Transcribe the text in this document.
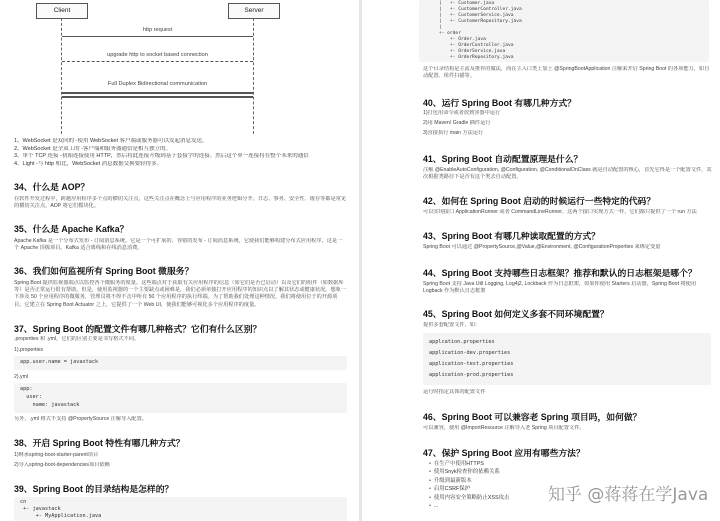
Client	Server
http request
upgrade http to socket based connection
Full Duplex Bidirectional communication
1、WebSocket 是双向的 -使用 WebSocket 客户端或服务器可以发起消息发送。
2、WebSocket 是全双工的 -客户端和服务器通信是相互独立的。
3、单个 TCP 连接 -初始连接使用 HTTP，然后将此连接升级到基于套接字的连接。然后这个单一连接将在整个未来的通信
4、Light -与 http 相比，WebSocket 消息数据交换要轻得多。
34、什么是 AOP？
在软件开发过程中，跨越应用程序多个点的横切关注点，这些关注点在概念上与应用程序的业务逻辑分开。日志、事务、安全性、缓存等都是常见的横切关注点，AOP 将它们模块化。
35、什么是 Apache Kafka？
Apache Kafka 是一个分布式发布 - 订阅消息系统。它是一个可扩展的、容错的发布 - 订阅消息系统，它使我们能够构建分布式应用程序。这是一个 Apache 顶级项目。Kafka 适合离线和在线消息消费。
36、我们如何监视所有 Spring Boot 微服务？
Spring Boot 提供监视器端点以监控各个微服务的度量。这些端点对于获取有关应用程序的信息（如它们是否已启动）以及它们的组件（如数据库等）是否正常运行很有帮助。但是，使用监视器的一个主要缺点或困难是，我们必须单独打开应用程序的知识点以了解其状态或健康状况。想象一下涉及 50 个应用程序的微服务，管理员将不得不击中所有 50 个应用程序的执行终端。为了帮助我们处理这种情况，我们将使用位于的开源项目。它建立在 Spring Boot Actuator 之上，它提供了一个 Web UI，使我们能够可视化多个应用程序的度量。
37、Spring Boot 的配置文件有哪几种格式？它们有什么区别？
.properties 和 .yml，它们的区别主要是书写格式不同。
1).properties
app.user.name = javastack
2).yml
app:
user:
name: javastack
另外，.yml 格式不支持 @PropertySource 注解导入配置。
38、开启 Spring Boot 特性有哪几种方式？
1)继承spring-boot-starter-parent项目
2)导入spring-boot-dependencies项目依赖
39、Spring Boot 的目录结构是怎样的？
cn
+- javastack
+- MyApplication.java
|   +- Customer.java
|   +- CustomerController.java
|   +- CustomerService.java
|   +- CustomerRepository.java
|
+- order
+- Order.java
+- OrderController.java
+- OrderService.java
+- OrderRepository.java
这个目录结构是主流及推荐的做法，而在主入口类上加上 @SpringBootApplication 注解来开启 Spring Boot 的各项能力，如自动配置、组件扫描等。
40、运行 Spring Boot 有哪几种方式？
1)打包用命令或者放到容器中运行
2)用 Maven/ Gradle 插件运行
3)直接执行 main 方法运行
41、Spring Boot 自动配置原理是什么？
注解 @EnableAutoConfiguration, @Configuration, @ConditionalOnClass 就是自动配置的核心，首先它得是一个配置文件，其次根据类路径下是否有这个类去自动配置。
42、如何在 Spring Boot 启动的时候运行一些特定的代码？
可以实现接口 ApplicationRunner 或者 CommandLineRunner，这两个接口实现方式一样，它们都只提供了一个 run 方法
43、Spring Boot 有哪几种读取配置的方式？
Spring Boot 可以通过 @PropertySource,@Value,@Environment, @ConfigurationProperties 来绑定变量
44、Spring Boot 支持哪些日志框架？推荐和默认的日志框架是哪个？
Spring Boot 支持 Java Util Logging, Log4j2, Lockback 作为日志框架，如果你使用 Starters 启动器，Spring Boot 将使用 Logback 作为默认日志框架
45、Spring Boot 如何定义多套不同环境配置？
提供多套配置文件，如：
applcation.properties
application-dev.properties
application-test.properties
application-prod.properties
运行时指定具体的配置文件
46、Spring Boot 可以兼容老 Spring 项目吗，如何做？
可以兼容，使用 @ImportResource 注解导入老 Spring 项目配置文件。
47、保护 Spring Boot 应用有哪些方法？
• 在生产中使用HTTPS
• 使用Snyk检查你的依赖关系
• 升级到最新版本
• 启用CSRF保护
• 使用内容安全策略防止XSS攻击
• ...
知乎 @蒋蒋在学Java
